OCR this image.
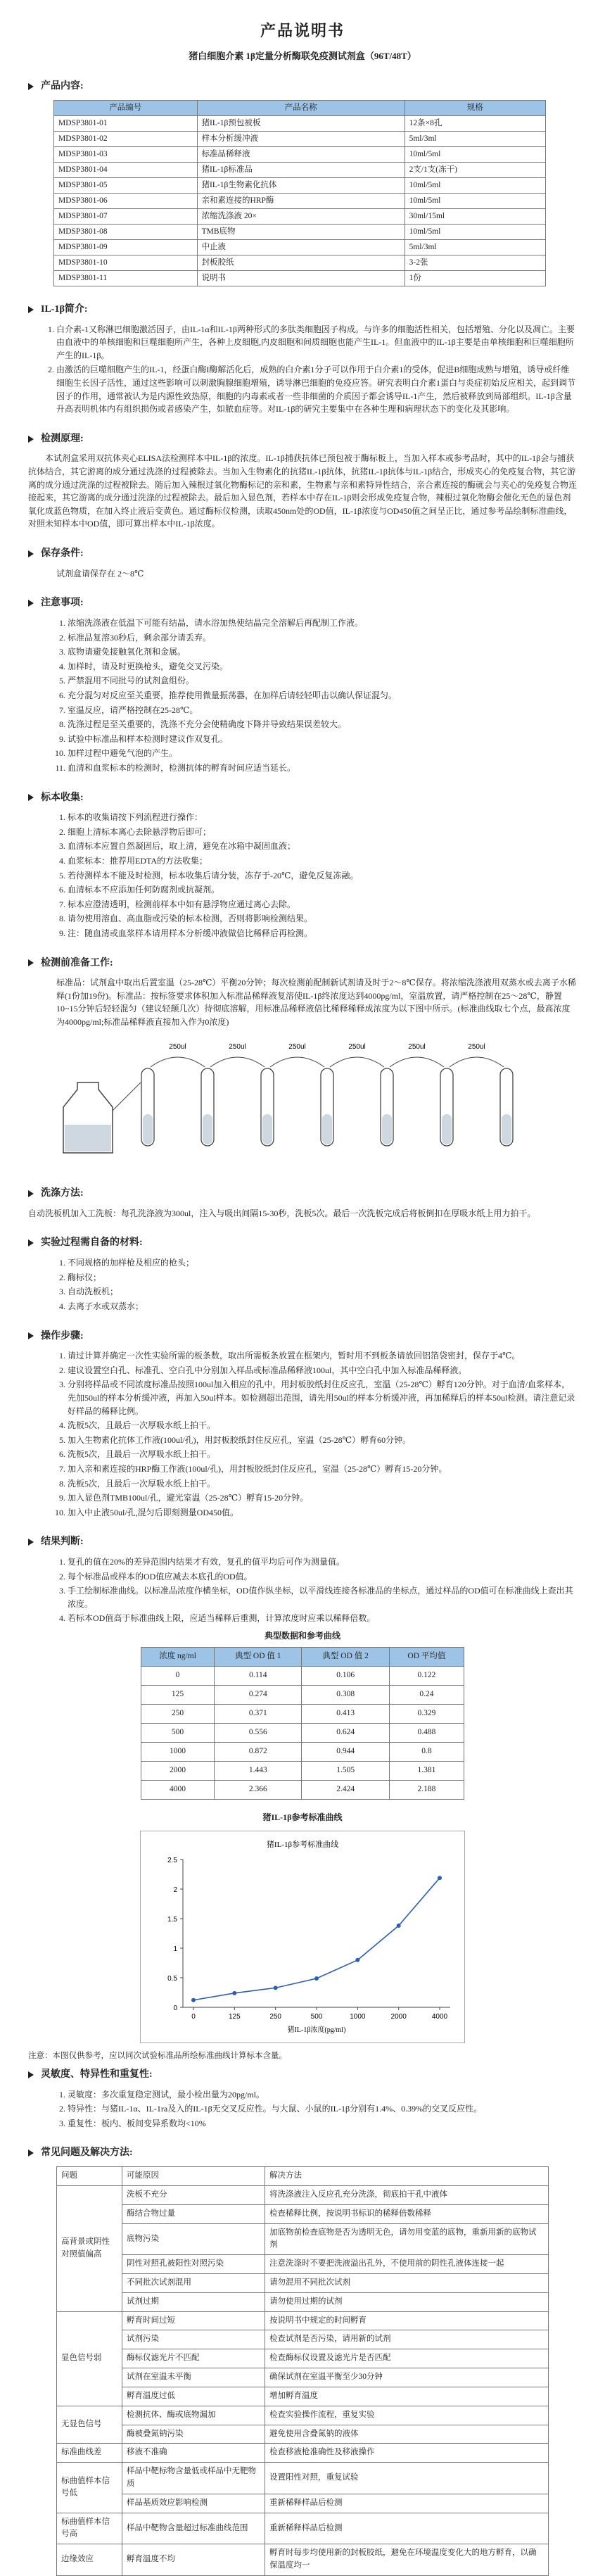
产品说明书
猪白细胞介素 1β定量分析酶联免疫测试剂盒（96T/48T）
产品内容:
产品编号	产品名称	规格
MDSP3801-01	猪IL-1β预包被板	12条×8孔
MDSP3801-02	样本分析缓冲液	5ml/3ml
MDSP3801-03	标准品稀释液	10ml/5ml
MDSP3801-04	猪IL-1β标准品	2支/1支(冻干)
MDSP3801-05	猪IL-1β生物素化抗体	10ml/5ml
MDSP3801-06	亲和素连接的HRP酶	10ml/5ml
MDSP3801-07	浓缩洗涤液 20×	30ml/15ml
MDSP3801-08	TMB底物	10ml/5ml
MDSP3801-09	中止液	5ml/3ml
MDSP3801-10	封板胶纸	3-2张
MDSP3801-11	说明书	1份
IL-1β简介:
1. 白介素-1又称淋巴细胞激活因子，由IL-1α和IL-1β两种形式的多肽类细胞因子构成。与许多的细胞活性相关，包括增殖、分化以及凋亡。主要由血液中的单核细胞和巨噬细胞所产生，各种上皮细胞,内皮细胞和间质细胞也能产生IL-1。但血液中的IL-1β主要是由单核细胞和巨噬细胞所产生的IL-1β。
2. 由激活的巨噬细胞产生的IL-1，经蛋白酶I酶解活化后，成熟的白介素1分子可以作用于白介素1的受体，促进B细胞成熟与增殖，诱导或纤维细胞生长因子活性，通过这些影响可以刺激胸腺细胞增殖，诱导淋巴细胞的免疫应答。研究表明白介素1蛋白与炎症初始反应相关，起到调节因子的作用，通常被认为是内源性致热原，细胞的内毒素或者一些非细菌的介质因子都会诱导IL-1产生，然后被释放到局部组织。IL-1β含量升高表明机体内有组织损伤或者感染产生，如脓血症等。对IL-1β的研究主要集中在各种生理和病理状态下的变化及其影响。
检测原理:

本试剂盒采用双抗体夹心ELISA法检测样本中IL-1β的浓度。IL-1β捕获抗体已预包被于酶标板上，当加入样本或参考品时，其中的IL-1β会与捕获抗体结合，其它游离的成分通过洗涤的过程被除去。当加入生物素化的抗猪IL-1β抗体，抗猪IL-1β抗体与IL-1β结合，形成夹心的免疫复合物，其它游离的成分通过洗涤的过程被除去。随后加入辣根过氧化物酶标记的亲和素，生物素与亲和素特异性结合，亲合素连接的酶就会与夹心的免疫复合物连接起来，其它游离的成分通过洗涤的过程被除去。最后加入显色剂，若样本中存在IL-1β则会形成免疫复合物，辣根过氧化物酶会催化无色的显色剂氧化成蓝色物质，在加入终止液后变黄色。通过酶标仪检测，读取450nm处的OD值，IL-1β浓度与OD450值之间呈正比，通过参考品绘制标准曲线，对照未知样本中OD值，即可算出样本中IL-1β浓度。

保存条件:

试剂盒请保存在 2～8℃

注意事项:
1. 浓缩洗涤液在低温下可能有结晶，请水浴加热使结晶完全溶解后再配制工作液。
2. 标准品复溶30秒后，剩余部分请丢弃。
3. 底物请避免接触氧化剂和金属。
4. 加样时，请及时更换枪头，避免交叉污染。
5. 严禁混用不同批号的试剂盒组份。
6. 充分混匀对反应至关重要，推荐使用微量振荡器，在加样后请轻轻叩击以确认保证混匀。
7. 室温反应，请严格控制在25-28℃。
8. 洗涤过程是至关重要的，洗涤不充分会使精确度下降并导致结果误差较大。
9. 试验中标准品和样本检测时建议作双复孔。
10. 加样过程中避免气泡的产生。
11. 血清和血浆标本的检测时，检测抗体的孵育时间应适当延长。
标本收集:
1. 标本的收集请按下列流程进行操作：
2. 细胞上清标本离心去除悬浮物后即可；
3. 血清标本应置自然凝固后，取上清，避免在冰箱中凝固血液；
4. 血浆标本：推荐用EDTA的方法收集；
5. 若待测样本不能及时检测，标本收集后请分装，冻存于-20℃，避免反复冻融。
6. 血清标本不应添加任何防腐剂或抗凝剂。
7. 标本应澄清透明，检测前样本中如有悬浮物应通过离心去除。
8. 请勿使用溶血、高血脂或污染的标本检测，否则将影响检测结果。
9. 注：随血清或血浆样本请用样本分析缓冲液做倍比稀释后再检测。
检测前准备工作:

标准品：试剂盒中取出后置室温（25-28℃）平衡20分钟；每次检测前配制新试剂请及时于2～8℃保存。将浓缩洗涤液用双蒸水或去离子水稀释(1份加19份)。标准品：按标签要求体积加入标准品稀释液复溶使IL-1β终浓度达到4000pg/ml，室温放置，请严格控制在25～28℃，静置10~15分钟后轻轻混匀（建议轻颠几次）待彻底溶解，用标准品稀释液倍比稀释稀释成浓度为以下图中所示。(标准曲线取七个点，最高浓度为4000pg/ml;标准品稀释液直接加入作为0浓度)

250ul	250ul	250ul	250ul	250ul	250ul
洗涤方法:

自动洗板机加入工洗板：每孔洗涤液为300ul，注入与吸出间隔15-30秒，洗板5次。最后一次洗板完成后将板倒扣在厚吸水纸上用力拍干。

实验过程需自备的材料:
1. 不同规格的加样枪及相应的枪头；
2. 酶标仪；
3. 自动洗板机；
4. 去离子水或双蒸水；
操作步骤:
1. 请过计算并确定一次性实验所需的板条数，取出所需板条放置在框架内，暂时用不到板条请放回铝箔袋密封，保存于4℃。
2. 建议设置空白孔、标准孔、空白孔中分别加入样品或标准品稀释液100ul，其中空白孔中加入标准品稀释液。
3. 分别将样品或不同浓度标准品按照100ul加入相应的孔中，用封板胶纸封住反应孔，室温（25-28℃）孵育120分钟。对于血清/血浆样本，先加50ul的样本分析缓冲液，再加入50ul样本。如检测超出范围，请先用50ul的样本分析缓冲液，再加稀释后的样本50ul检测。请注意记录好样品的稀释比例。
4. 洗板5次，且最后一次厚吸水纸上拍干。
5. 加入生物素化抗体工作液(100ul/孔)，用封板胶纸封住反应孔，室温（25-28℃）孵育60分钟。
6. 洗板5次，且最后一次厚吸水纸上拍干。
7. 加入亲和素连接的HRP酶工作液(100ul/孔)，用封板胶纸封住反应孔，室温（25-28℃）孵育15-20分钟。
8. 洗板5次，且最后一次厚吸水纸上拍干。
9. 加入显色剂TMB100ul/孔，避光室温（25-28℃）孵育15-20分钟。
10. 加入中止液50ul/孔,混匀后即刻测量OD450值。
结果判断:
1. 复孔的值在20%的差异范围内结果才有效，复孔的值平均后可作为测量值。
2. 每个标准品或样本的OD值应减去本底孔的OD值。
3. 手工绘制标准曲线。以标准品浓度作横坐标，OD值作纵坐标，以平滑线连接各标准品的坐标点，通过样品的OD值可在标准曲线上查出其浓度。
4. 若标本OD值高于标准曲线上限，应适当稀释后重测，计算浓度时应乘以稀释倍数。
典型数据和参考曲线
浓度 ng/ml	典型 OD 值 1	典型 OD 值 2	OD 平均值
0	0.114	0.106	0.122
125	0.274	0.308	0.24
250	0.371	0.413	0.329
500	0.556	0.624	0.488
1000	0.872	0.944	0.8
2000	1.443	1.505	1.381
4000	2.366	2.424	2.188
猪IL-1β参考标准曲线
猪IL-1β参考标准曲线
0
0.5
1
1.5
2
2.5
0	125	250	500	1000	2000	4000
猪IL-1β浓度(pg/ml)

注意：本图仅供参考，应以同次试验标准品所绘标准曲线计算标本含量。

灵敏度、特异性和重复性:
1. 灵敏度：多次重复稳定测试，最小检出量为20pg/ml。
2. 特异性：与猪IL-1α、IL-1ra及入的IL-1β无交叉反应性。与大鼠、小鼠的IL-1β分别有1.4%、0.39%的交叉反应性。
3. 重复性：板内、板间变异系数均<10%
常见问题及解决方法:
问题	可能原因	解决方法
高背景或阴性对照值偏高	洗板不充分	将洗涤液注入反应孔充分洗涤，彻底拍干孔中液体
	酶结合物过量	检查稀释比例，按说明书标识的稀释倍数稀释
	底物污染	加底物前检查底物是否为透明无色，请勿用变蓝的底物，重新用新的底物试剂
	阴性对照孔被阳性对照污染	注意洗涤时不要把洗液溢出孔外，不使用前的阴性孔液体连接一起
	不同批次试剂混用	请勿混用不同批次试剂
	试剂过期	请勿使用过期的试剂
显色信号弱	孵育时间过短	按说明书中规定的时间孵育
	试剂污染	检查试剂是否污染，请用新的试剂
	酶标仪滤光片不匹配	检查酶标仪设置及滤光片是否匹配
	试剂在室温未平衡	确保试剂在室温平衡至少30分钟
	孵育温度过低	增加孵育温度
无显色信号	检测抗体、酶或底物漏加	检查实验操作流程，重复实验
	酶被叠氮钠污染	避免使用含叠氮钠的液体
标准曲线差	移液不准确	检查移液枪准确性及移液操作
标曲值样本信号低	样品中靶标物含量低或样品中无靶物质	设置阳性对照，重复试验
	样品基质效应影响检测	重新稀释样品后检测
标曲值样本信号高	样品中靶物含量超过标准曲线范围	重新稀释样品后检测
边缘效应	孵育温度不均	孵育时每步均使用新的封板胶纸，避免在环境温度变化大的地方孵育，以确保温度均一
